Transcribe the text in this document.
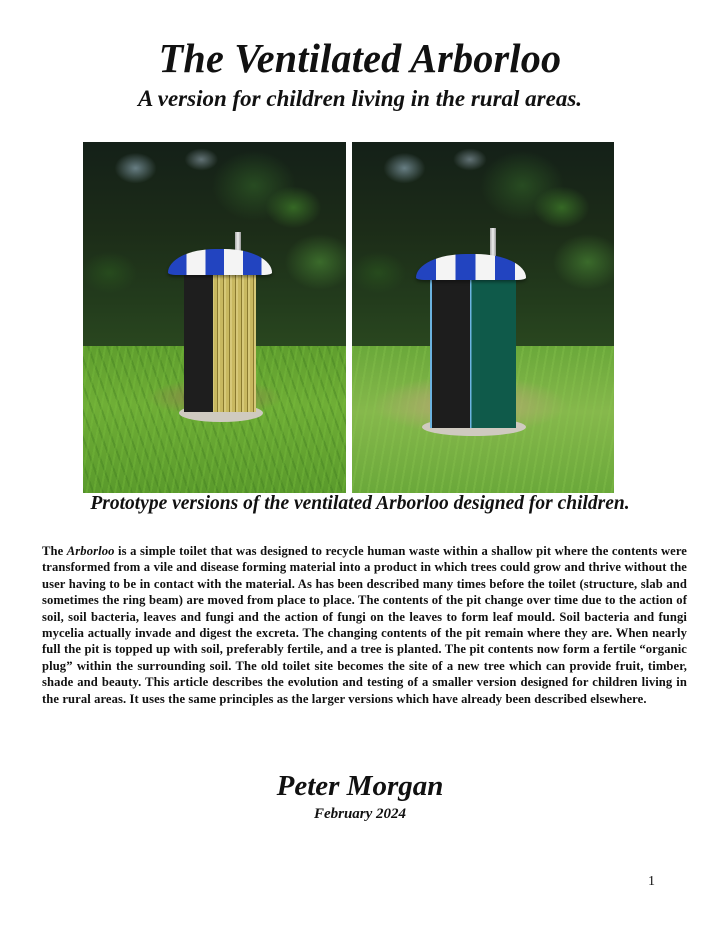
The Ventilated Arborloo
A version for children living in the rural areas.

Prototype versions of the ventilated Arborloo designed for children.

The Arborloo is a simple toilet that was designed to recycle human waste within a shallow pit where the contents were transformed from a vile and disease forming material into a product in which trees could grow and thrive without the user having to be in contact with the material. As has been described many times before the toilet (structure, slab and sometimes the ring beam) are moved from place to place. The contents of the pit change over time due to the action of soil, soil bacteria, leaves and fungi and the action of fungi on the leaves to form leaf mould. Soil bacteria and fungi mycelia actually invade and digest the excreta. The changing contents of the pit remain where they are. When nearly full the pit is topped up with soil, preferably fertile, and a tree is planted. The pit contents now form a fertile “organic plug” within the surrounding soil. The old toilet site becomes the site of a new tree which can provide fruit, timber, shade and beauty. This article describes the evolution and testing of a smaller version designed for children living in the rural areas. It uses the same principles as the larger versions which have already been described elsewhere.

Peter Morgan
February 2024
1
